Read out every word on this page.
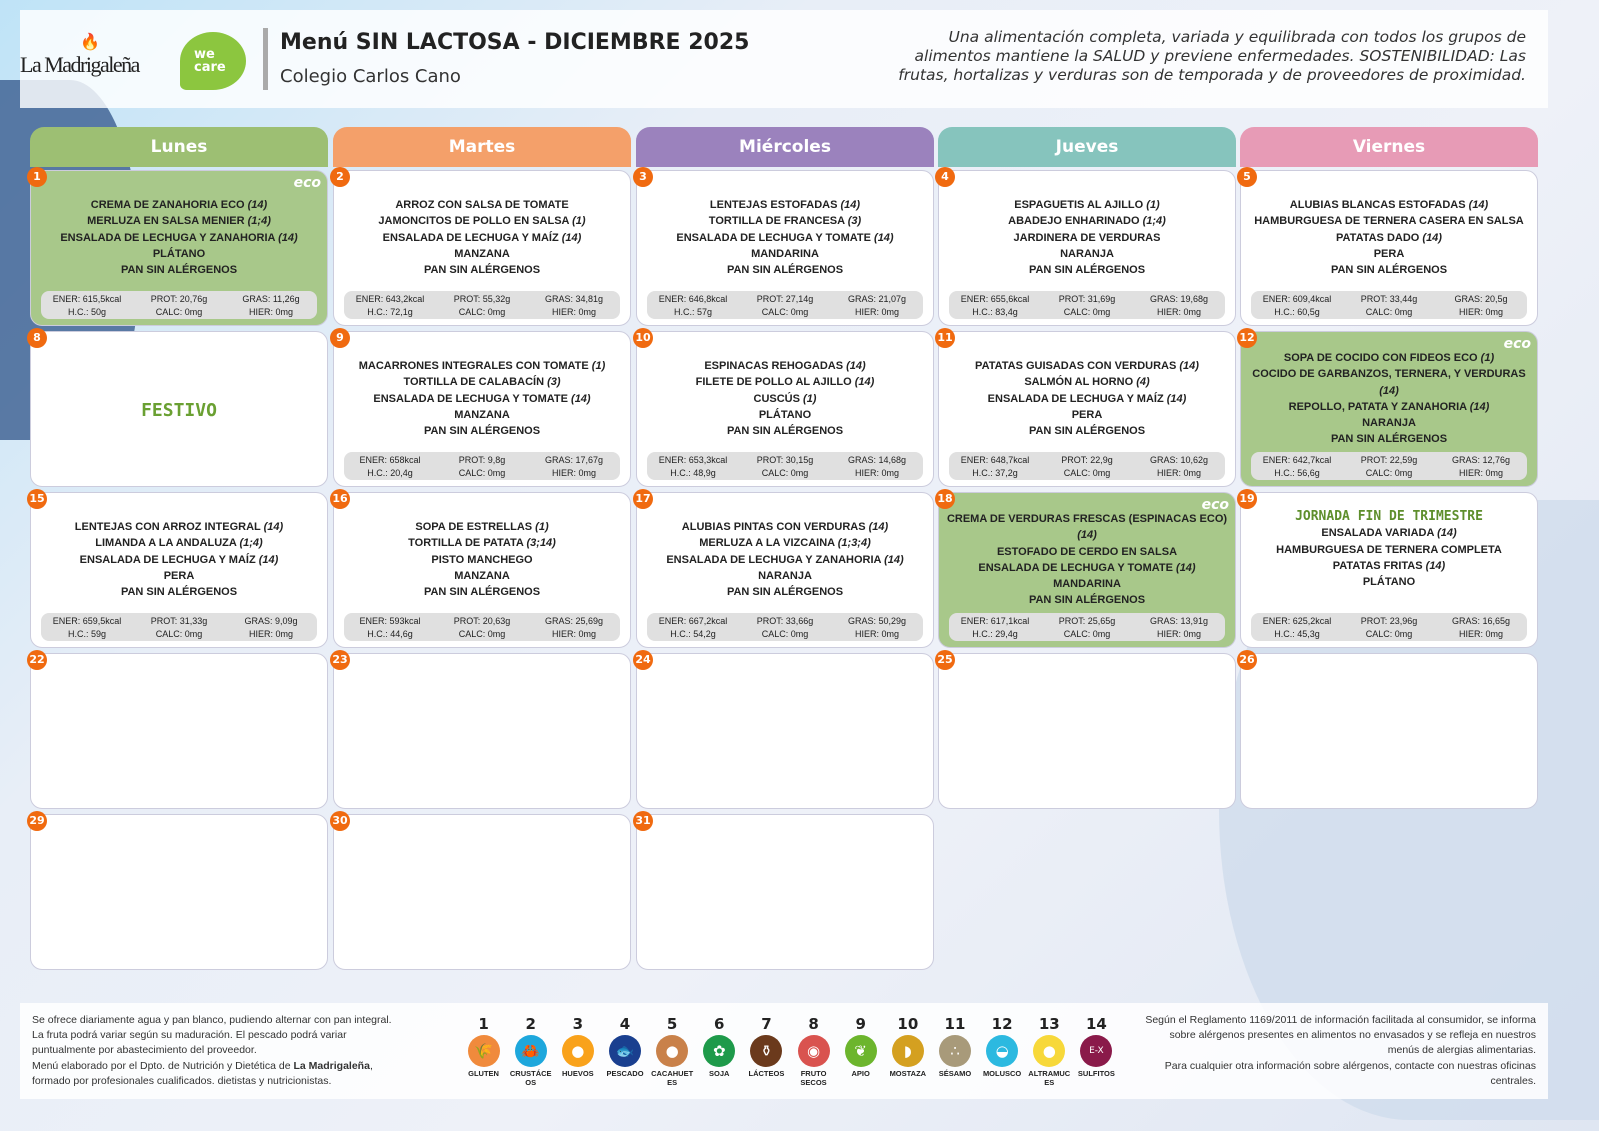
🔥
La Madrigaleña	we care
Menú SIN LACTOSA - DICIEMBRE 2025
Colegio Carlos Cano
Una alimentación completa, variada y equilibrada con todos los grupos de alimentos mantiene la SALUD y previene enfermedades. SOSTENIBILIDAD: Las frutas, hortalizas y verduras son de temporada y de proveedores de proximidad.
Lunes	Martes	Miércoles	Jueves	Viernes
1	eco
CREMA DE ZANAHORIA ECO (14)
MERLUZA EN SALSA MENIER (1;4)
ENSALADA DE LECHUGA Y ZANAHORIA (14)
PLÁTANO
PAN SIN ALÉRGENOS
ENER: 615,5kcal	PROT: 20,76g	GRAS: 11,26g
H.C.: 50g	CALC: 0mg	HIER: 0mg
2
ARROZ CON SALSA DE TOMATE
JAMONCITOS DE POLLO EN SALSA (1)
ENSALADA DE LECHUGA Y MAÍZ (14)
MANZANA
PAN SIN ALÉRGENOS
ENER: 643,2kcal	PROT: 55,32g	GRAS: 34,81g
H.C.: 72,1g	CALC: 0mg	HIER: 0mg
3
LENTEJAS ESTOFADAS (14)
TORTILLA DE FRANCESA (3)
ENSALADA DE LECHUGA Y TOMATE (14)
MANDARINA
PAN SIN ALÉRGENOS
ENER: 646,8kcal	PROT: 27,14g	GRAS: 21,07g
H.C.: 57g	CALC: 0mg	HIER: 0mg
4
ESPAGUETIS AL AJILLO (1)
ABADEJO ENHARINADO (1;4)
JARDINERA DE VERDURAS
NARANJA
PAN SIN ALÉRGENOS
ENER: 655,6kcal	PROT: 31,69g	GRAS: 19,68g
H.C.: 83,4g	CALC: 0mg	HIER: 0mg
5
ALUBIAS BLANCAS ESTOFADAS (14)
HAMBURGUESA DE TERNERA CASERA EN SALSA
PATATAS DADO (14)
PERA
PAN SIN ALÉRGENOS
ENER: 609,4kcal	PROT: 33,44g	GRAS: 20,5g
H.C.: 60,5g	CALC: 0mg	HIER: 0mg
8
FESTIVO
9
MACARRONES INTEGRALES CON TOMATE (1)
TORTILLA DE CALABACÍN (3)
ENSALADA DE LECHUGA Y TOMATE (14)
MANZANA
PAN SIN ALÉRGENOS
ENER: 658kcal	PROT: 9,8g	GRAS: 17,67g
H.C.: 20,4g	CALC: 0mg	HIER: 0mg
10
ESPINACAS REHOGADAS (14)
FILETE DE POLLO AL AJILLO (14)
CUSCÚS (1)
PLÁTANO
PAN SIN ALÉRGENOS
ENER: 653,3kcal	PROT: 30,15g	GRAS: 14,68g
H.C.: 48,9g	CALC: 0mg	HIER: 0mg
11
PATATAS GUISADAS CON VERDURAS (14)
SALMÓN AL HORNO (4)
ENSALADA DE LECHUGA Y MAÍZ (14)
PERA
PAN SIN ALÉRGENOS
ENER: 648,7kcal	PROT: 22,9g	GRAS: 10,62g
H.C.: 37,2g	CALC: 0mg	HIER: 0mg
12	eco
SOPA DE COCIDO CON FIDEOS ECO (1)
COCIDO DE GARBANZOS, TERNERA, Y VERDURAS (14)
REPOLLO, PATATA Y ZANAHORIA (14)
NARANJA
PAN SIN ALÉRGENOS
ENER: 642,7kcal	PROT: 22,59g	GRAS: 12,76g
H.C.: 56,6g	CALC: 0mg	HIER: 0mg
15
LENTEJAS CON ARROZ INTEGRAL (14)
LIMANDA A LA ANDALUZA (1;4)
ENSALADA DE LECHUGA Y MAÍZ (14)
PERA
PAN SIN ALÉRGENOS
ENER: 659,5kcal	PROT: 31,33g	GRAS: 9,09g
H.C.: 59g	CALC: 0mg	HIER: 0mg
16
SOPA DE ESTRELLAS (1)
TORTILLA DE PATATA (3;14)
PISTO MANCHEGO
MANZANA
PAN SIN ALÉRGENOS
ENER: 593kcal	PROT: 20,63g	GRAS: 25,69g
H.C.: 44,6g	CALC: 0mg	HIER: 0mg
17
ALUBIAS PINTAS CON VERDURAS (14)
MERLUZA A LA VIZCAINA (1;3;4)
ENSALADA DE LECHUGA Y ZANAHORIA (14)
NARANJA
PAN SIN ALÉRGENOS
ENER: 667,2kcal	PROT: 33,66g	GRAS: 50,29g
H.C.: 54,2g	CALC: 0mg	HIER: 0mg
18	eco
CREMA DE VERDURAS FRESCAS (ESPINACAS ECO) (14)
ESTOFADO DE CERDO EN SALSA
ENSALADA DE LECHUGA Y TOMATE (14)
MANDARINA
PAN SIN ALÉRGENOS
ENER: 617,1kcal	PROT: 25,65g	GRAS: 13,91g
H.C.: 29,4g	CALC: 0mg	HIER: 0mg
19
JORNADA FIN DE TRIMESTRE
ENSALADA VARIADA (14)
HAMBURGUESA DE TERNERA COMPLETA
PATATAS FRITAS (14)
PLÁTANO
ENER: 625,2kcal	PROT: 23,96g	GRAS: 16,65g
H.C.: 45,3g	CALC: 0mg	HIER: 0mg
22	23	24	25	26
29	30	31
Se ofrece diariamente agua y pan blanco, pudiendo alternar con pan integral.
La fruta podrá variar según su maduración. El pescado podrá variar
puntualmente por abastecimiento del proveedor.
Menú elaborado por el Dpto. de Nutrición y Dietética de La Madrigaleña,
formado por profesionales cualificados. dietistas y nutricionistas.
1
🌾
GLUTEN
2
🦀
CRUSTÁCEOS
3
●
HUEVOS
4
🐟
PESCADO
5
●
CACAHUETES
6
✿
SOJA
7
⚱
LÁCTEOS
8
◉
FRUTO SECOS
9
❦
APIO
10
◗
MOSTAZA
11
∴
SÉSAMO
12
◒
MOLUSCO
13
●
ALTRAMUCES
14
E-X
SULFITOS
Según el Reglamento 1169/2011 de información facilitada al consumidor, se informa sobre alérgenos presentes en alimentos no envasados y se refleja en nuestros menús de alergias alimentarias.
Para cualquier otra información sobre alérgenos, contacte con nuestras oficinas centrales.
